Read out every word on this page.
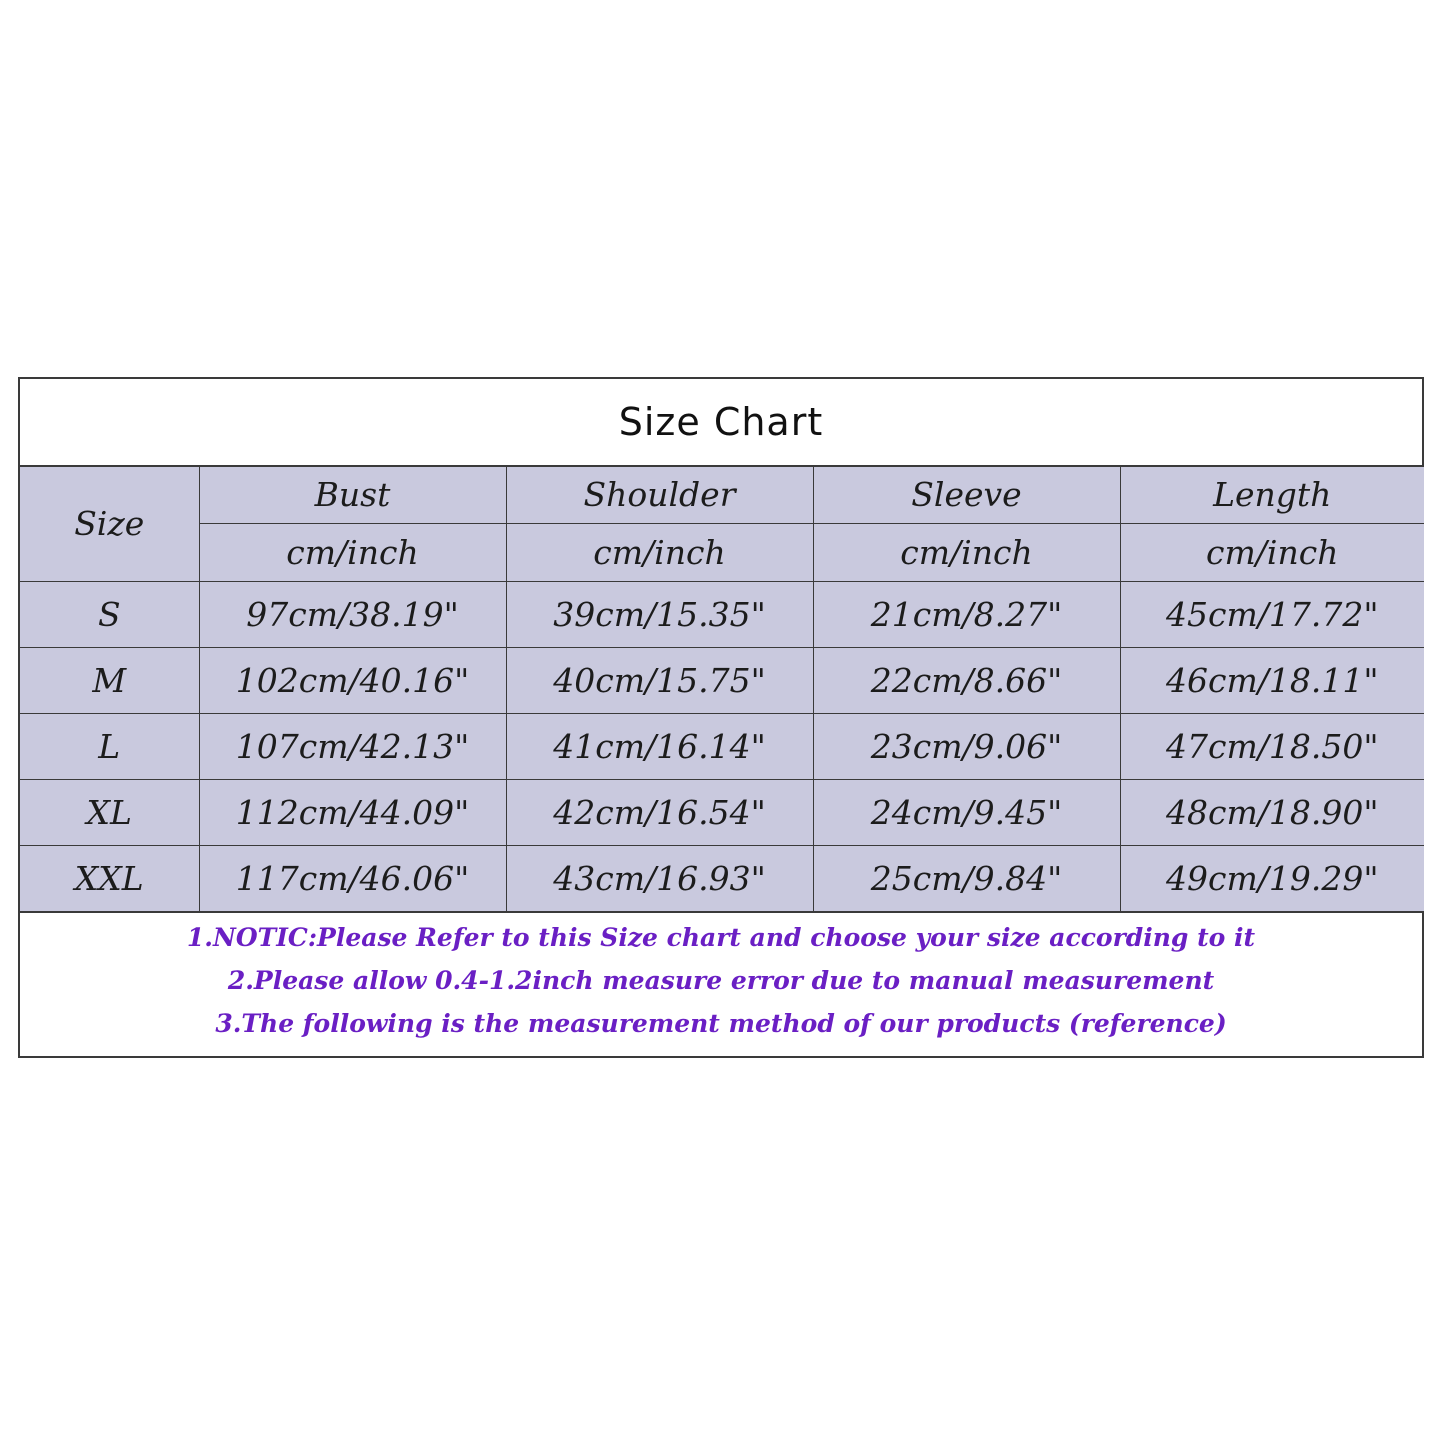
Size Chart
Size	Bust	Shoulder	Sleeve	Length
	cm/inch	cm/inch	cm/inch	cm/inch
S	97cm/38.19"	39cm/15.35"	21cm/8.27"	45cm/17.72"
M	102cm/40.16"	40cm/15.75"	22cm/8.66"	46cm/18.11"
L	107cm/42.13"	41cm/16.14"	23cm/9.06"	47cm/18.50"
XL	112cm/44.09"	42cm/16.54"	24cm/9.45"	48cm/18.90"
XXL	117cm/46.06"	43cm/16.93"	25cm/9.84"	49cm/19.29"
1.NOTIC:Please Refer to this Size chart and choose your size according to it
2.Please allow 0.4-1.2inch measure error due to manual measurement
3.The following is the measurement method of our products (reference)
